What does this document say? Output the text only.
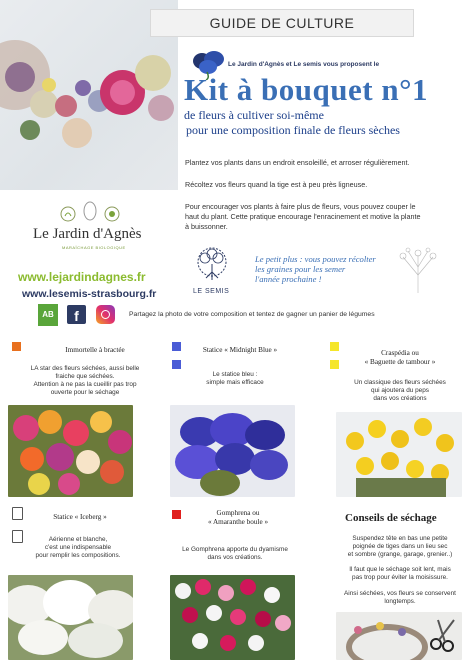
GUIDE DE CULTURE
Le Jardin d'Agnès et Le semis vous proposent le
Kit à bouquet n°1
de fleurs à cultiver soi-même
pour une composition finale de fleurs sèches
Plantez vos plants dans un endroit ensoleillé, et arroser régulièrement.
Récoltez vos fleurs quand la tige est à peu près ligneuse.
Pour encourager vos plants à faire plus de fleurs, vous pouvez couper le
haut du plant. Cette pratique encourage l'enracinement et motive la plante
à buissonner.
Le Jardin d'Agnès
MARAÎCHAGE BIOLOGIQUE
www.lejardindagnes.fr
www.lesemis-strasbourg.fr	LE SEMIS
Le petit plus : vous pouvez récolter
les graines pour les semer
l'année prochaine !
AB	f	Partagez la photo de votre composition et tentez de gagner un panier de légumes
Immortelle à bractée
LA star des fleurs séchées, aussi belle
fraiche que séchées.
Attention à ne pas la cueillir pas trop
ouverte pour le séchage
Statice « Midnight Blue »
Le statice bleu :
simple mais efficace
Craspédia ou
« Baguette de tambour »
Un classique des fleurs séchées
qui ajoutera du peps
dans vos créations
Statice « Iceberg »
Aérienne et blanche,
c'est une indispensable
pour remplir les compositions.
Gomphrena ou
« Amaranthe boule »
Le Gomphrena apporte du dyamisme
dans vos créations.
Conseils de séchage
Suspendez tête en bas une petite
poignée de tiges dans un lieu sec
et sombre (grange, garage, grenier..)
Il faut que le séchage soit lent, mais
pas trop pour éviter la moisissure.
Ainsi séchées, vos fleurs se conservent
longtemps.
